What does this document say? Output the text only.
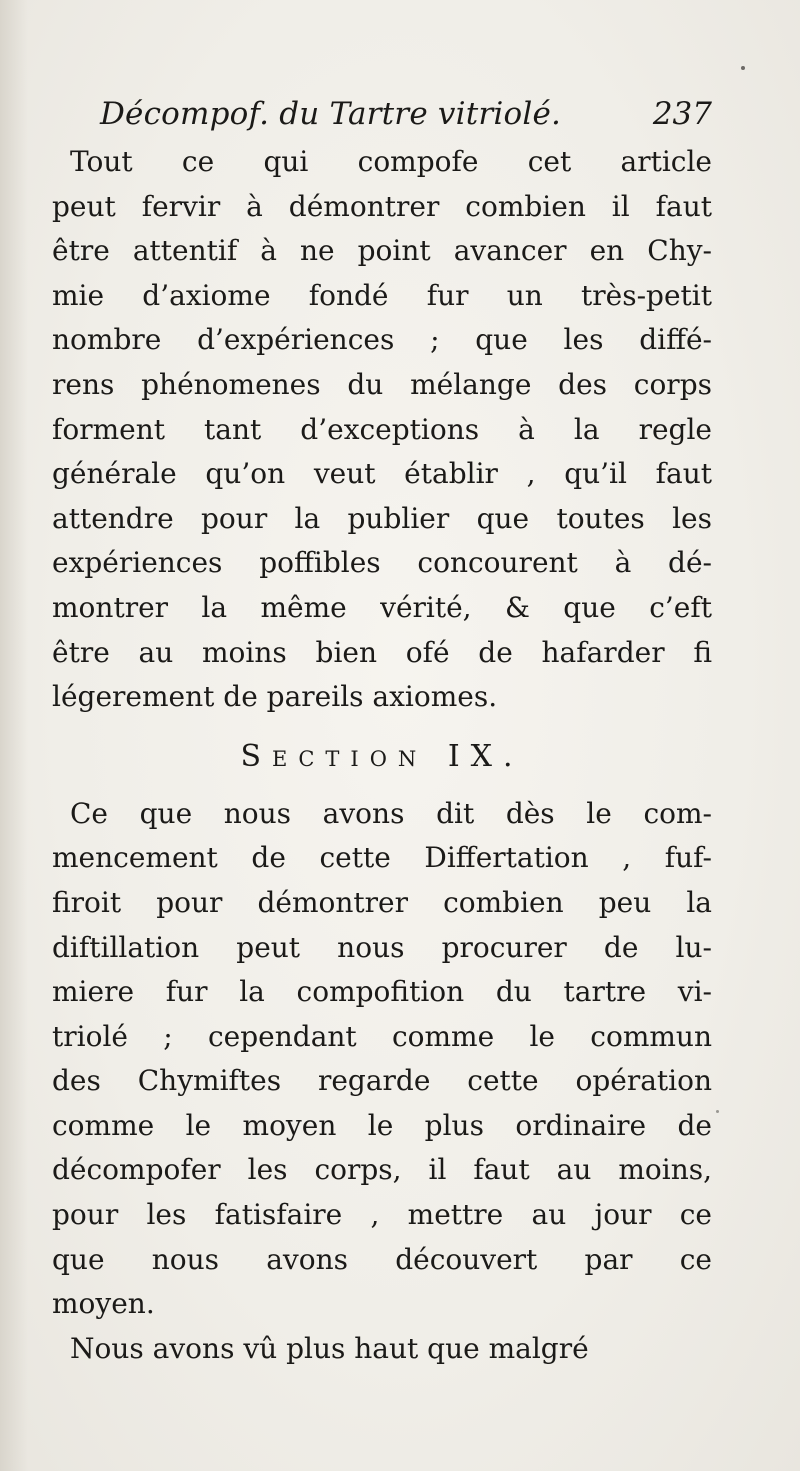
Décompof. du Tartre vitriolé.	237
Tout ce qui compofe cet article
peut fervir à démontrer combien il faut
être attentif à ne point avancer en Chy-
mie d’axiome fondé fur un très-petit
nombre d’expériences ; que les diffé-
rens phénomenes du mélange des corps
forment tant d’exceptions à la regle
générale qu’on veut établir , qu’il faut
attendre pour la publier que toutes les
expériences poffibles concourent à dé-
montrer la même vérité, & que c’eft
être au moins bien ofé de hafarder fi
légerement de pareils axiomes.
Section IX.
Ce que nous avons dit dès le com-
mencement de cette Differtation , fuf-
firoit pour démontrer combien peu la
diftillation peut nous procurer de lu-
miere fur la compofition du tartre vi-
triolé ; cependant comme le commun
des Chymiftes regarde cette opération
comme le moyen le plus ordinaire de
décompofer les corps, il faut au moins,
pour les fatisfaire , mettre au jour ce
que nous avons découvert par ce
moyen.
Nous avons vû plus haut que malgré
